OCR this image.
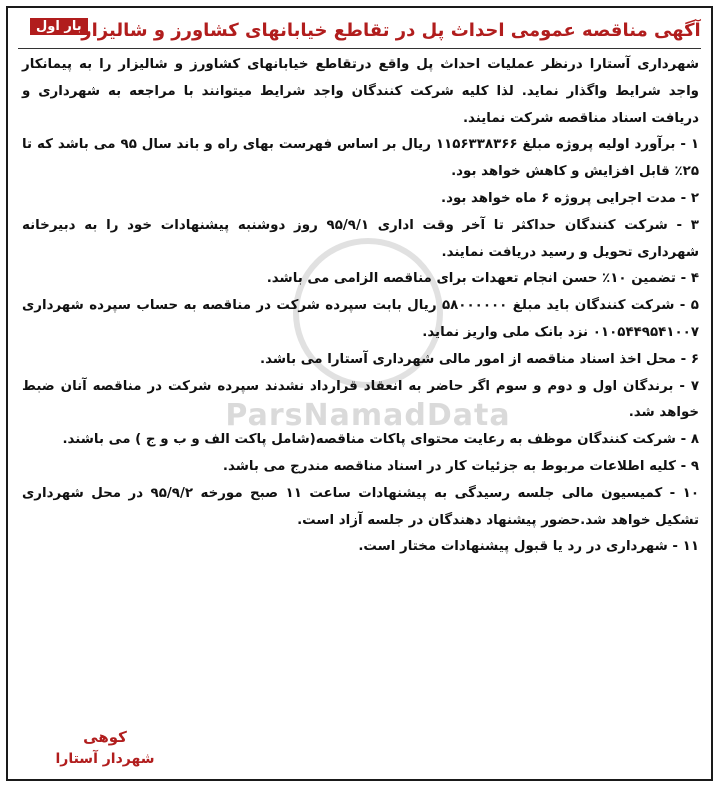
ParsNamadData
بار اول آگهی مناقصه عمومی احداث پل در تقاطع خیابانهای کشاورز و شالیزار

شهرداری آستارا درنظر عملیات احداث پل واقع درتقاطع خیابانهای کشاورز و شالیزار را به پیمانکار واجد شرایط واگذار نماید. لذا کلیه شرکت کنندگان واجد شرایط میتوانند با مراجعه به شهرداری و دریافت اسناد مناقصه شرکت نمایند.

۱ - برآورد اولیه پروژه مبلغ ۱۱۵۶۳۳۸۳۶۶ ریال بر اساس فهرست بهای راه و باند سال ۹۵ می باشد که تا ۲۵٪ قابل افزایش و کاهش خواهد بود.

۲ - مدت اجرایی پروژه ۶ ماه خواهد بود.

۳ - شرکت کنندگان حداکثر تا آخر وقت اداری ۹۵/۹/۱ روز دوشنبه پیشنهادات خود را به دبیرخانه شهرداری تحویل و رسید دریافت نمایند.

۴ - تضمین ۱۰٪ حسن انجام تعهدات برای مناقصه الزامی می باشد.

۵ - شرکت کنندگان باید مبلغ ۵۸۰۰۰۰۰۰ ریال بابت سپرده شرکت در مناقصه به حساب سپرده شهرداری ۰۱۰۵۴۴۹۵۴۱۰۰۷ نزد بانک ملی واریز نماید.

۶ - محل اخذ اسناد مناقصه از امور مالی شهرداری آستارا می باشد.

۷ - برندگان اول و دوم و سوم اگر حاضر به انعقاد قرارداد نشدند سپرده شرکت در مناقصه آنان ضبط خواهد شد.

۸ - شرکت کنندگان موظف به رعایت محتوای پاکات مناقصه(شامل پاکت الف و ب و ج ) می باشند.

۹ - کلیه اطلاعات مربوط به جزئیات کار در اسناد مناقصه مندرج می باشد.

۱۰ - کمیسیون مالی جلسه رسیدگی به پیشنهادات ساعت ۱۱ صبح مورخه ۹۵/۹/۲ در محل شهرداری تشکیل خواهد شد.حضور پیشنهاد دهندگان در جلسه آزاد است.

۱۱ - شهرداری در رد یا قبول پیشنهادات مختار است.

کوهی
شهردار آستارا
